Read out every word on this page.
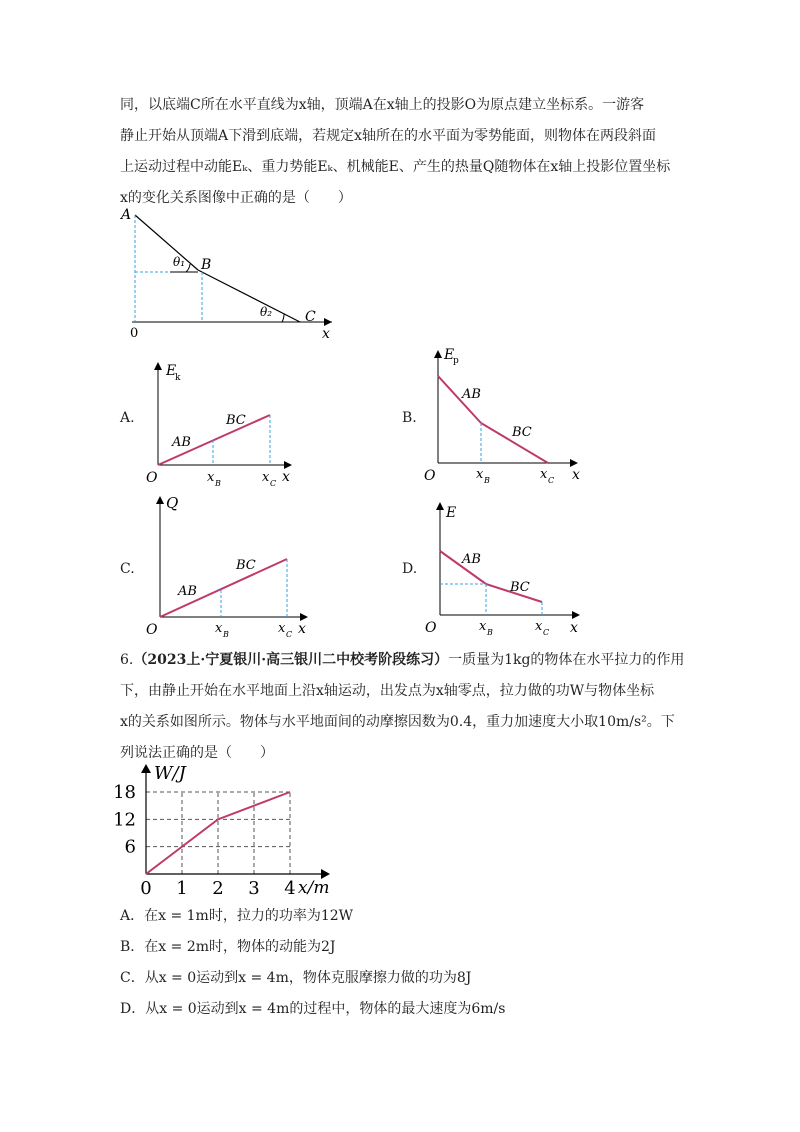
同，以底端C所在水平直线为x轴，顶端A在x轴上的投影O为原点建立坐标系。一游客
静止开始从顶端A下滑到底端，若规定x轴所在的水平面为零势能面，则物体在两段斜面
上运动过程中动能Eₖ、重力势能Eₖ、机械能E、产生的热量Q随物体在x轴上投影位置坐标
x的变化关系图像中正确的是（　　）
A
B
C
0	x
θ₁
θ₂
A.
E
k
O	x B	x C x
AB
BC	B.
E
p
O	x B	x C x
AB
BC
C.
Q
O	x B	x C x
AB
BC	D.
E
O	x B	x C x
AB
BC
6.（2023上·宁夏银川·高三银川二中校考阶段练习）一质量为1kg的物体在水平拉力的作用
下，由静止开始在水平地面上沿x轴运动，出发点为x轴零点，拉力做的功W与物体坐标
x的关系如图所示。物体与水平地面间的动摩擦因数为0.4，重力加速度大小取10m/s²。下
列说法正确的是（　　）
6
12
18
0 1 2 3 4
W/J
x/m
A．在x = 1m时，拉力的功率为12W
B．在x = 2m时，物体的动能为2J
C．从x = 0运动到x = 4m，物体克服摩擦力做的功为8J
D．从x = 0运动到x = 4m的过程中，物体的最大速度为6m/s
